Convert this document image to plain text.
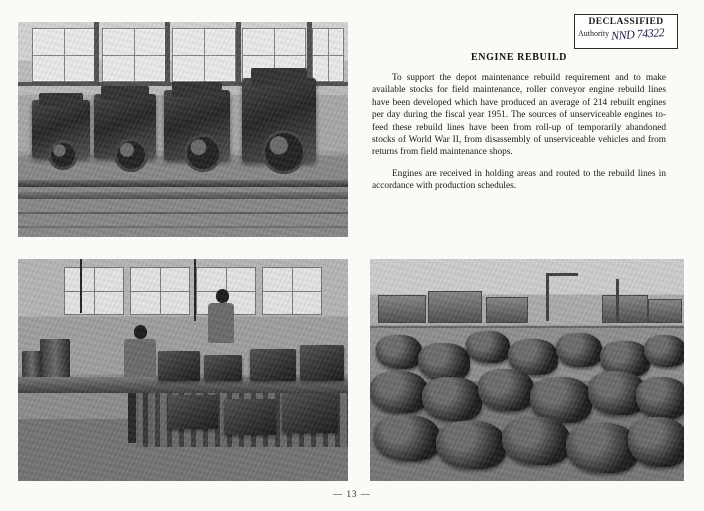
DECLASSIFIED
Authority NND 74322
ENGINE REBUILD

To support the depot maintenance rebuild requirement and to make available stocks for field maintenance, roller conveyor engine rebuild lines have been developed which have produced an average of 214 rebuilt engines per day during the fiscal year 1951. The sources of unserviceable engines to-feed these rebuild lines have been from roll-up of temporarily abandoned stocks of World War II, from disassembly of unserviceable vehicles and from returns from field maintenance shops.

Engines are received in holding areas and routed to the rebuild lines in accordance with production schedules.

— 13 —
